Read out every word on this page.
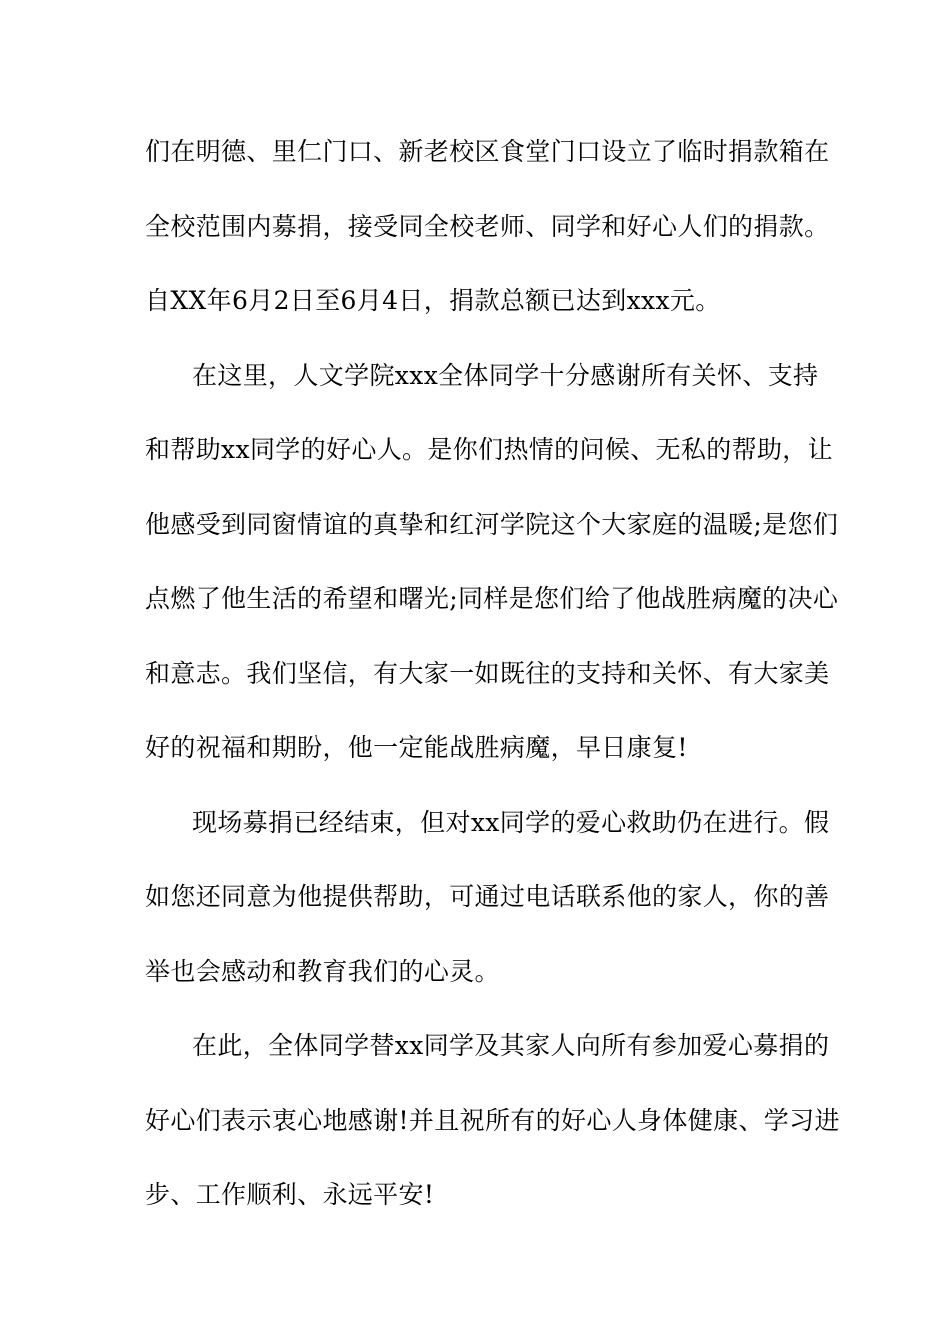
们在明德、里仁门口、新老校区食堂门口设立了临时捐款箱在
全校范围内募捐，接受同全校老师、同学和好心人们的捐款。
自XX年6月2日至6月4日，捐款总额已达到xxx元。
在这里，人文学院xxx全体同学十分感谢所有关怀、支持
和帮助xx同学的好心人。是你们热情的问候、无私的帮助，让
他感受到同窗情谊的真挚和红河学院这个大家庭的温暖;是您们
点燃了他生活的希望和曙光;同样是您们给了他战胜病魔的决心
和意志。我们坚信，有大家一如既往的支持和关怀、有大家美
好的祝福和期盼，他一定能战胜病魔，早日康复!
现场募捐已经结束，但对xx同学的爱心救助仍在进行。假
如您还同意为他提供帮助，可通过电话联系他的家人，你的善
举也会感动和教育我们的心灵。
在此，全体同学替xx同学及其家人向所有参加爱心募捐的
好心们表示衷心地感谢!并且祝所有的好心人身体健康、学习进
步、工作顺利、永远平安!
